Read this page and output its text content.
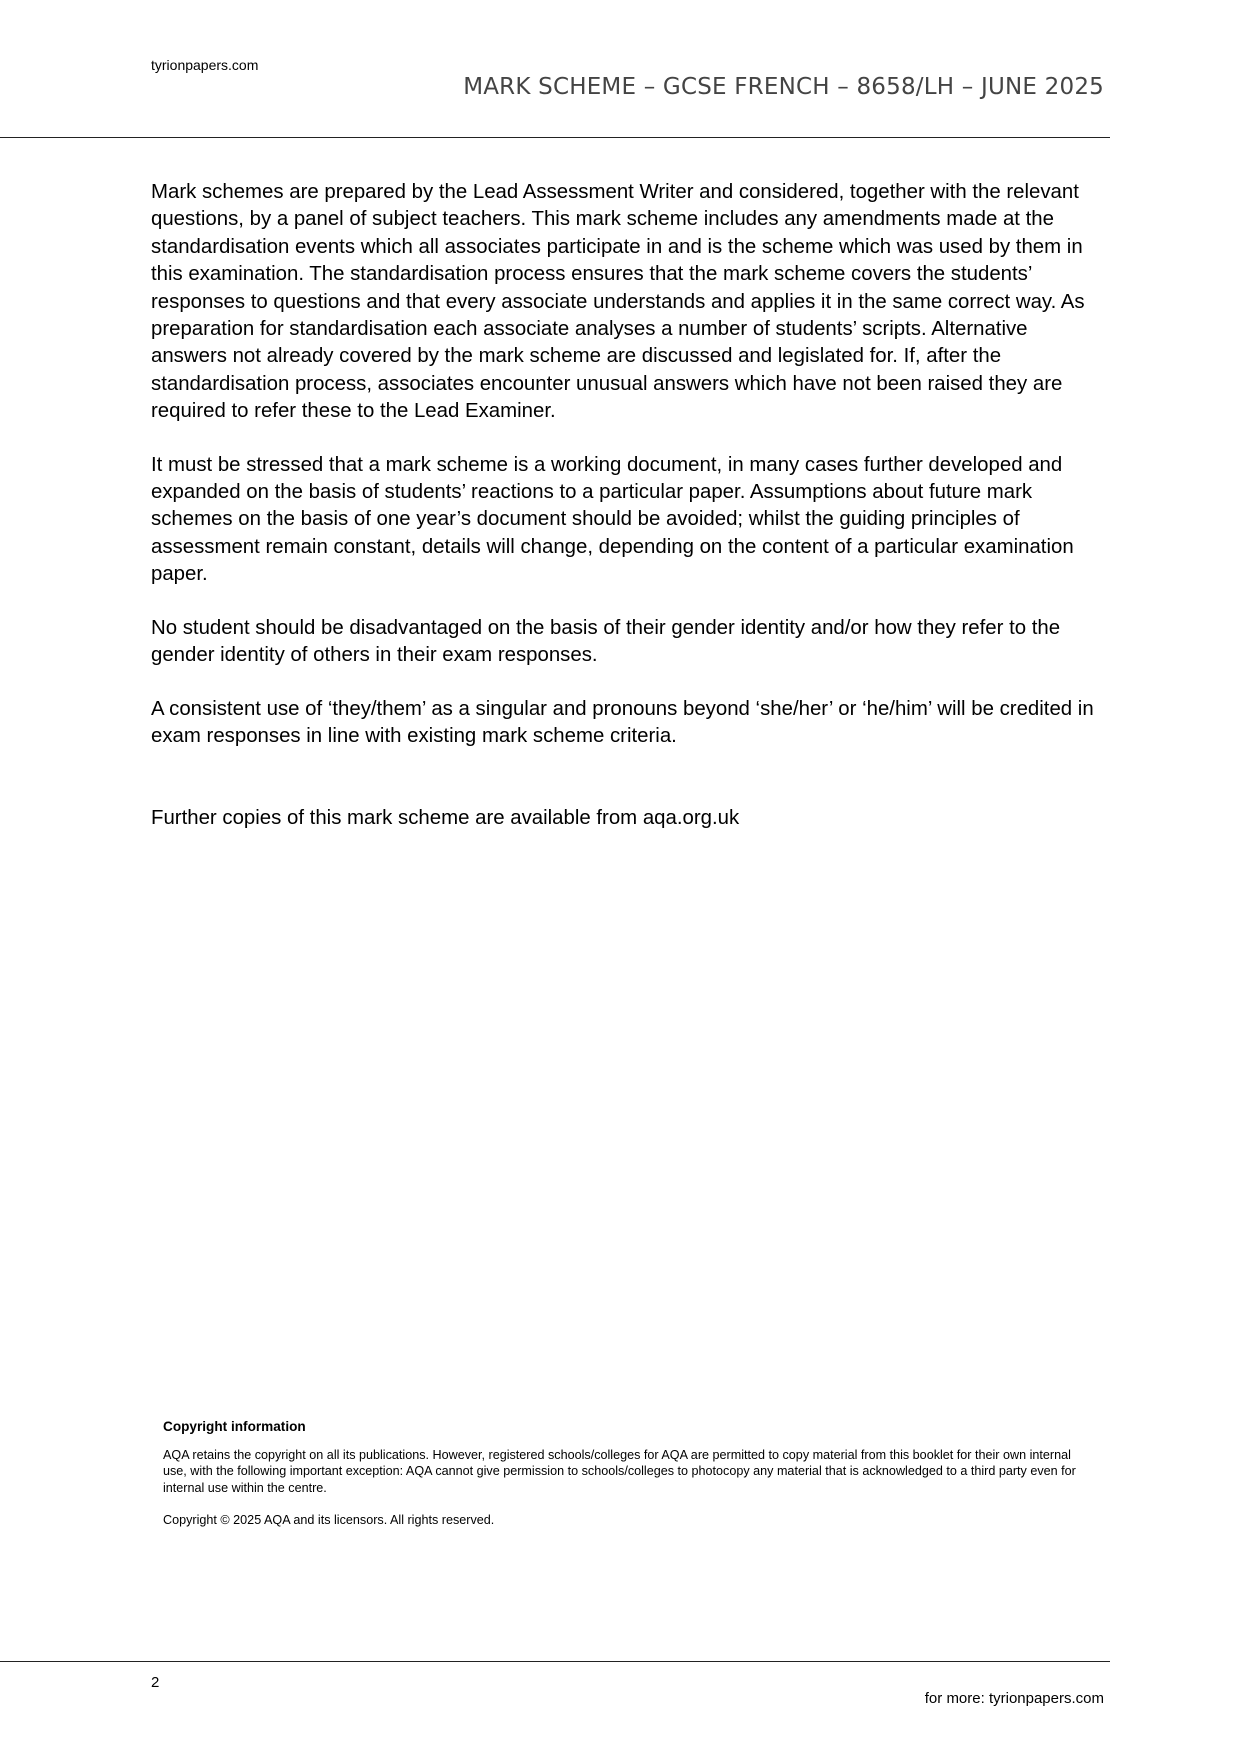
tyrionpapers.com
MARK SCHEME – GCSE FRENCH – 8658/LH – JUNE 2025

Mark schemes are prepared by the Lead Assessment Writer and considered, together with the relevant questions, by a panel of subject teachers. This mark scheme includes any amendments made at the standardisation events which all associates participate in and is the scheme which was used by them in this examination. The standardisation process ensures that the mark scheme covers the students’ responses to questions and that every associate understands and applies it in the same correct way. As preparation for standardisation each associate analyses a number of students’ scripts. Alternative answers not already covered by the mark scheme are discussed and legislated for. If, after the standardisation process, associates encounter unusual answers which have not been raised they are required to refer these to the Lead Examiner.

It must be stressed that a mark scheme is a working document, in many cases further developed and expanded on the basis of students’ reactions to a particular paper. Assumptions about future mark schemes on the basis of one year’s document should be avoided; whilst the guiding principles of assessment remain constant, details will change, depending on the content of a particular examination paper.

No student should be disadvantaged on the basis of their gender identity and/or how they refer to the gender identity of others in their exam responses.

A consistent use of ‘they/them’ as a singular and pronouns beyond ‘she/her’ or ‘he/him’ will be credited in exam responses in line with existing mark scheme criteria.

Further copies of this mark scheme are available from aqa.org.uk

Copyright information

AQA retains the copyright on all its publications. However, registered schools/colleges for AQA are permitted to copy material from this booklet for their own internal use, with the following important exception: AQA cannot give permission to schools/colleges to photocopy any material that is acknowledged to a third party even for internal use within the centre.

Copyright © 2025 AQA and its licensors. All rights reserved.

2
for more: tyrionpapers.com
